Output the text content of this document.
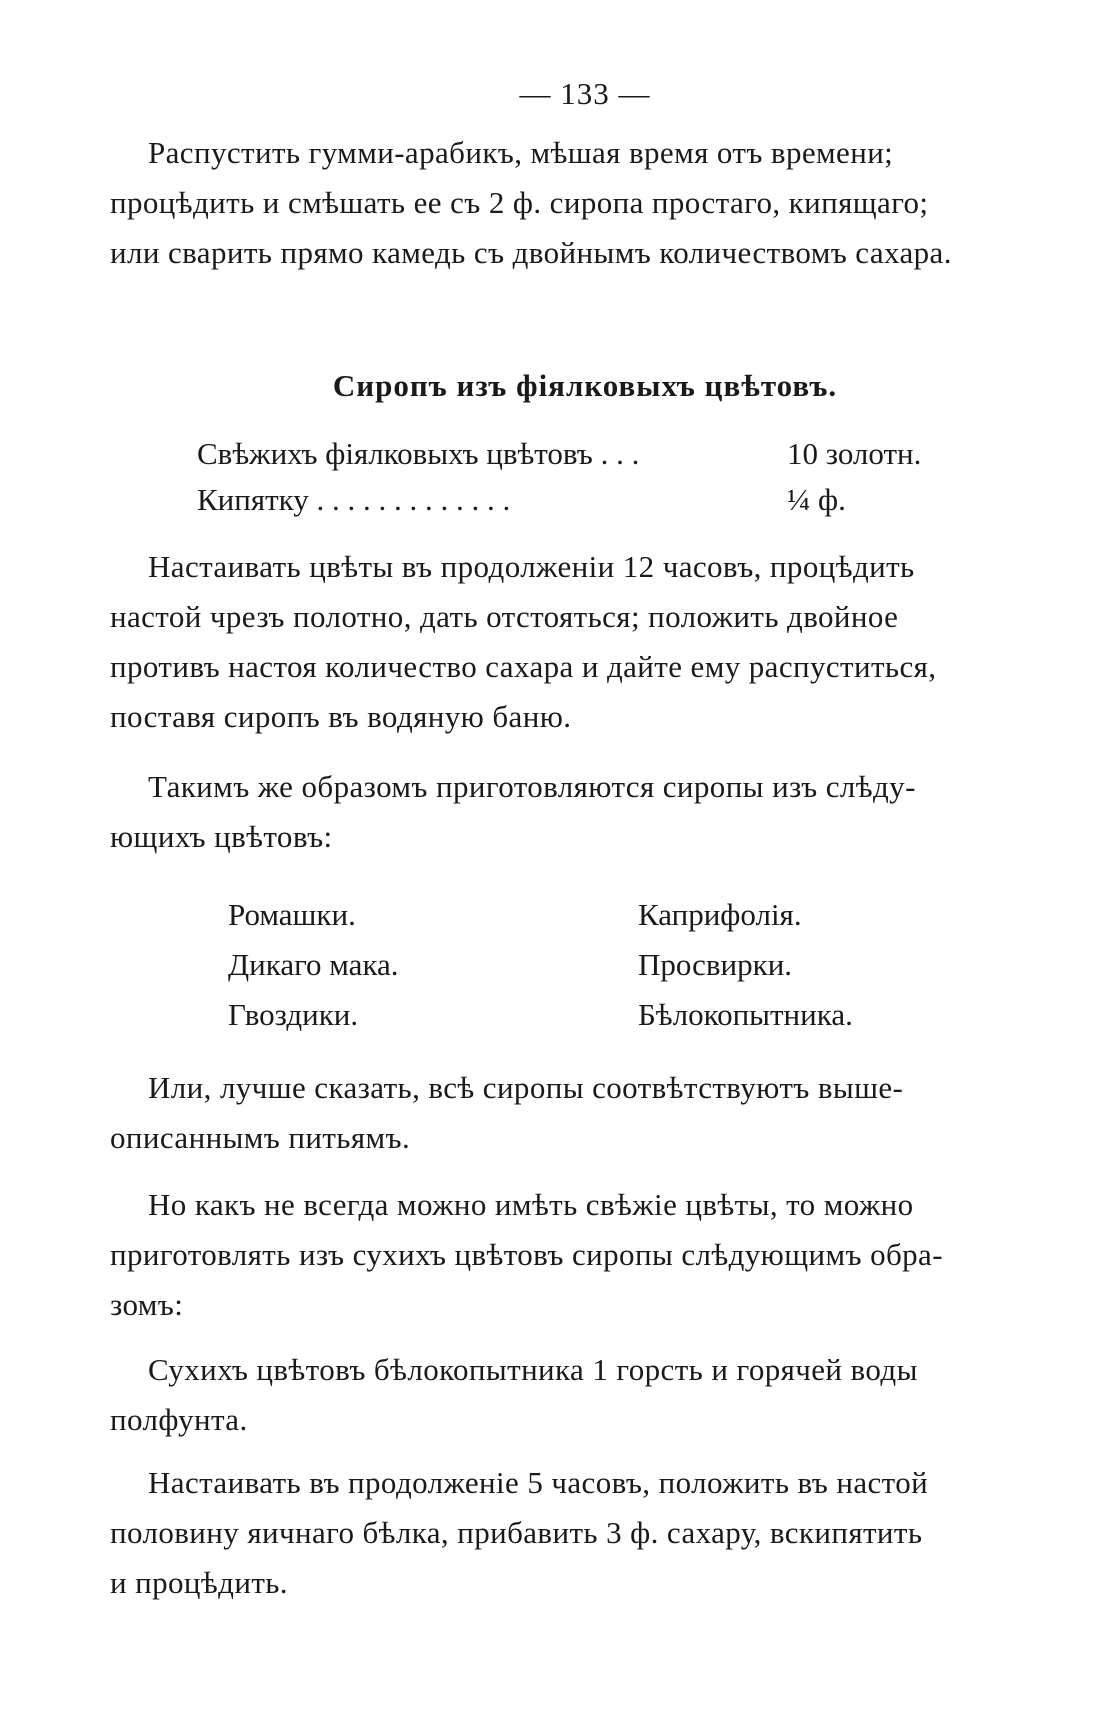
— 133 —
Распустить гумми-арабикъ, мѣшая время отъ времени;
процѣдить и смѣшать ее съ 2 ф. сиропа простаго, кипящаго;
или сварить прямо камедь съ двойнымъ количествомъ сахара.
Сиропъ изъ фіялковыхъ цвѣтовъ.
Свѣжихъ фіялковыхъ цвѣтовъ . . .	10 золотн.
Кипятку . . . . . . . . . . . . .	¼ ф.
Настаивать цвѣты въ продолженіи 12 часовъ, процѣдить
настой чрезъ полотно, дать отстояться; положить двойное
противъ настоя количество сахара и дайте ему распуститься,
поставя сиропъ въ водяную баню.
Такимъ же образомъ приготовляются сиропы изъ слѣду-
ющихъ цвѣтовъ:
Ромашки.
Дикаго мака.
Гвоздики.
Каприфолія.
Просвирки.
Бѣлокопытника.
Или, лучше сказать, всѣ сиропы соотвѣтствуютъ выше-
описаннымъ питьямъ.
Но какъ не всегда можно имѣть свѣжіе цвѣты, то можно
приготовлять изъ сухихъ цвѣтовъ сиропы слѣдующимъ обра-
зомъ:
Сухихъ цвѣтовъ бѣлокопытника 1 горсть и горячей воды
полфунта.
Настаивать въ продолженіе 5 часовъ, положить въ настой
половину яичнаго бѣлка, прибавить 3 ф. сахару, вскипятить
и процѣдить.
